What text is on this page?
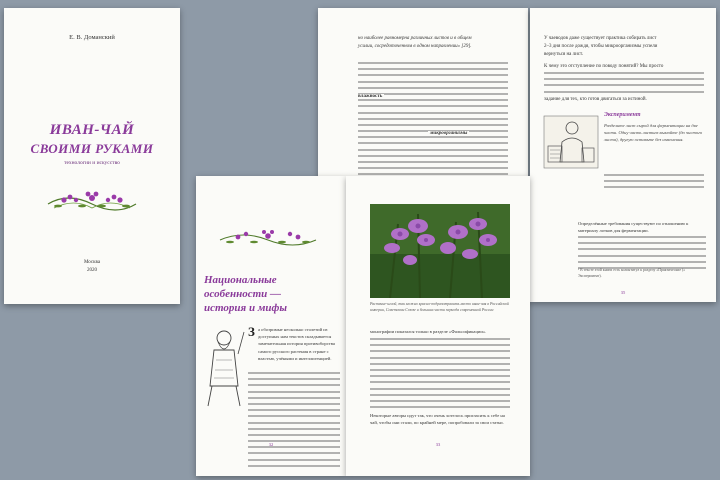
Е. В. Доманский
ИВАН-ЧАЙ
СВОИМИ РУКАМИ
технологии и искусство
Москва
2020
но наиболее равномерна различных листов и в общем
усилии, сосредоточенном в одном направлении» [29].
влажность
микроорганизмы
У чаеводов даже существует практика собирать лист
2–3 дня после дождя, чтобы микроорганизмы успели
вернуться на лист.
К чему это отступление по поводу понятий? Мы просто
задание для тех, кто готов двигаться за истиной.
Эксперимент
Разделите лист сырой для ферментации на две части. Одну часть листьев вымойте (до чистого листа), другую оставьте без изменения.
Определённые требования существуют по отношению к материалу лотков для ферментации.
¹ В тексте этой книги есть колонтитул к разделу «Практические (« Эксперимент).
35
Национальные
особенности —
история и мифы
З а обозримые несколько столетий из доступных нам текстов складывается замечательная история противоборства самого русского растения в стране с властью, учёными и интеллигенцией.
32
Растение-иглой, так можно красно-подразотравить место иван-чая в Российской империи, Советском Союзе и больших части периода современной России
монографии показался только в разделе «Фальсификации».
Некоторые авторы идут так, что очень хотелось пригласить к себе на чай, чтобы они стали, по крайней мере, попробовали за свои статьи.
33
